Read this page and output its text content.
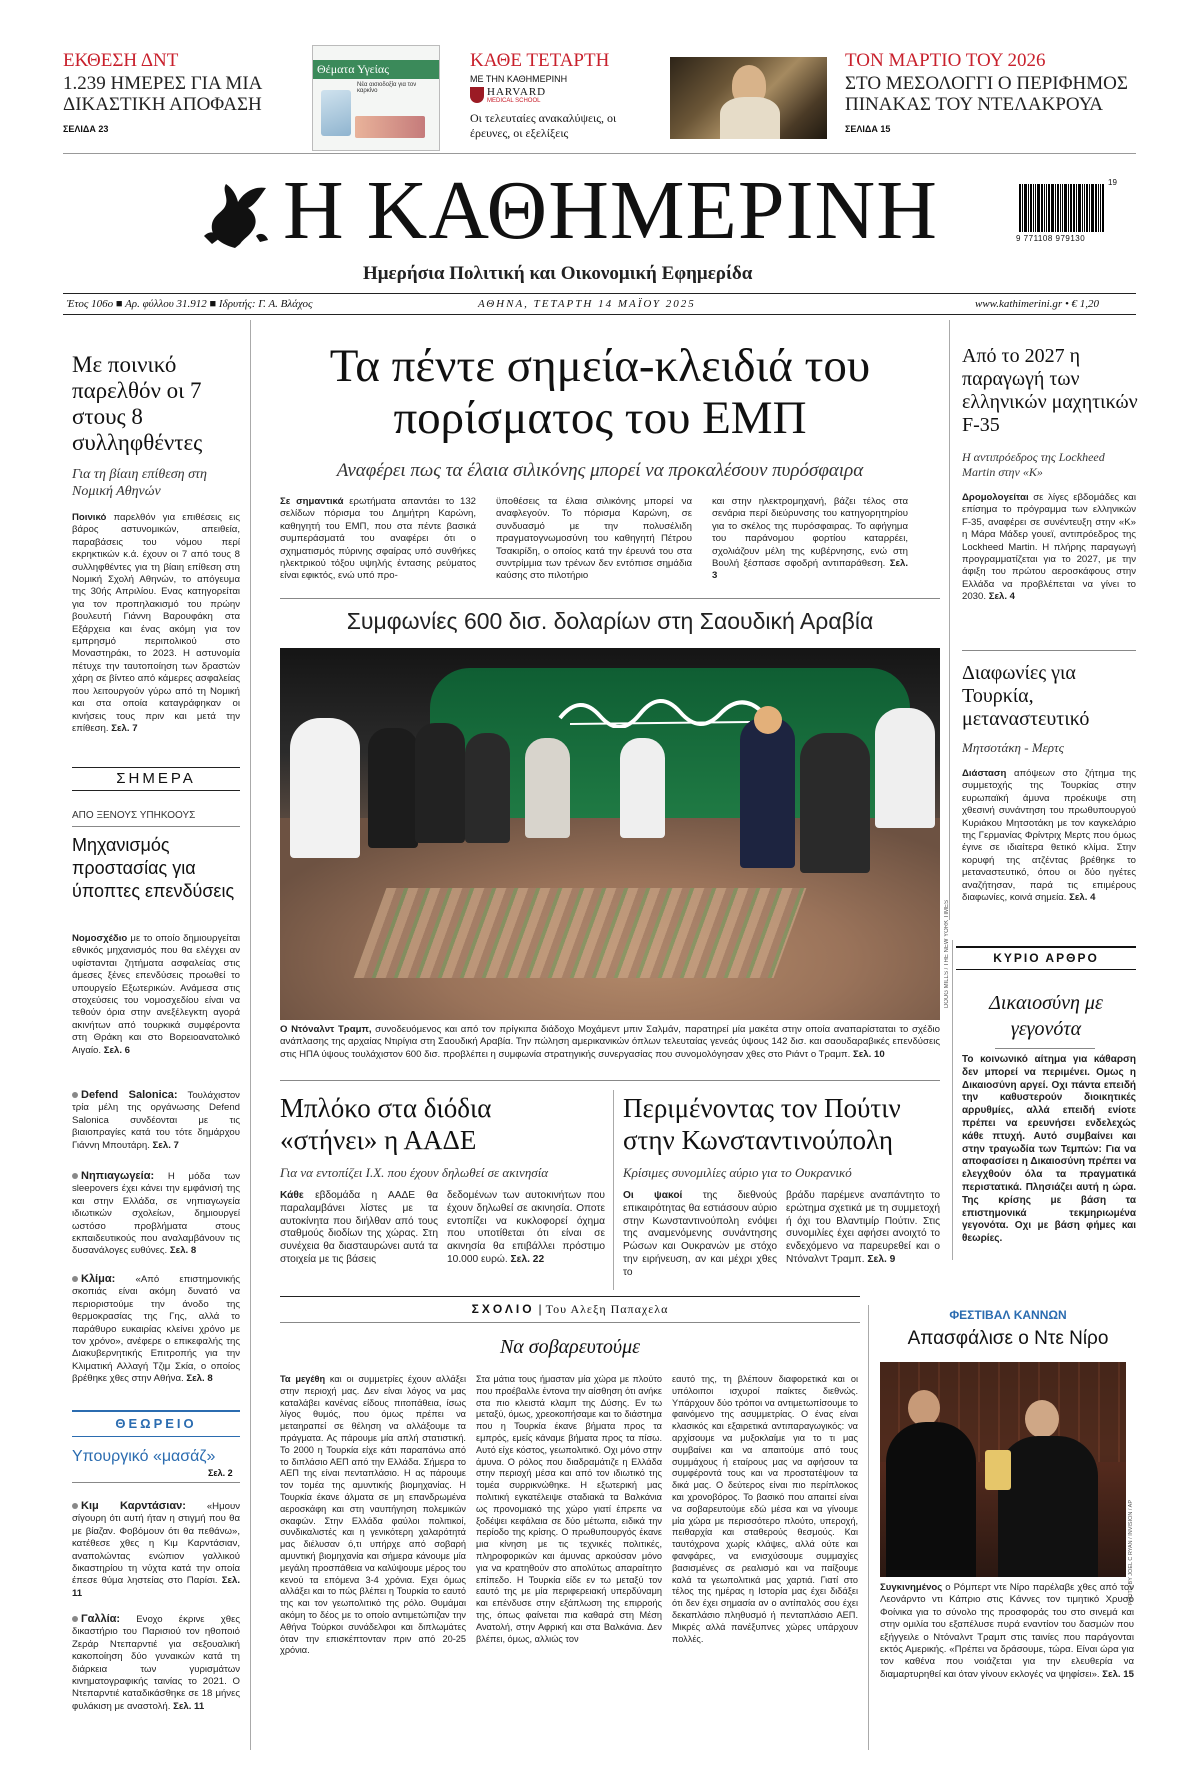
ΕΚΘΕΣΗ ΔΝΤ
1.239 ΗΜΕΡΕΣ ΓΙΑ ΜΙΑ ΔΙΚΑΣΤΙΚΗ ΑΠΟΦΑΣΗ
ΣΕΛΙΔΑ 23
Θέματα Υγείας
Νέα αισιοδοξία για τον καρκίνο
ΚΑΘΕ ΤΕΤΑΡΤΗ
ΜΕ ΤΗΝ ΚΑΘΗΜΕΡΙΝΗ
HARVARD
MEDICAL SCHOOL
Οι τελευταίες ανακαλύψεις, οι έρευνες, οι εξελίξεις
ΤΟΝ ΜΑΡΤΙΟ ΤΟΥ 2026
ΣΤΟ ΜΕΣΟΛΟΓΓΙ Ο ΠΕΡΙΦΗΜΟΣ ΠΙΝΑΚΑΣ ΤΟΥ ΝΤΕΛΑΚΡΟΥΑ
ΣΕΛΙΔΑ 15
Η ΚΑΘΗΜΕΡΙΝΗ
Ημερήσια Πολιτική και Οικονομική Εφημερίδα
19
9 771108 979130
Έτος 106ο ■ Αρ. φύλλου 31.912 ■ Ιδρυτής: Γ. Α. Βλάχος	ΑΘΗΝΑ, ΤΕΤΑΡΤΗ 14 ΜΑΪΟΥ 2025	www.kathimerini.gr • € 1,20
Με ποινικό παρελθόν οι 7 στους 8 συλληφθέντες
Για τη βίαιη επίθεση στη Νομική Αθηνών
Ποινικό παρελθόν για επιθέσεις εις βάρος αστυνομικών, απειθεία, παραβάσεις του νόμου περί εκρηκτικών κ.ά. έχουν οι 7 από τους 8 συλληφθέντες για τη βίαιη επίθεση στη Νομική Σχολή Αθηνών, το απόγευμα της 30ής Απριλίου. Ενας κατηγορείται για τον προπηλακισμό του πρώην βουλευτή Γιάννη Βαρουφάκη στα Εξάρχεια και ένας ακόμη για τον εμπρησμό περιπολικού στο Μοναστηράκι, το 2023. Η αστυνομία πέτυχε την ταυτοποίηση των δραστών χάρη σε βίντεο από κάμερες ασφαλείας που λειτουργούν γύρω από τη Νομική και στα οποία καταγράφηκαν οι κινήσεις τους πριν και μετά την επίθεση. Σελ. 7
ΣΗΜΕΡΑ
ΑΠΟ ΞΕΝΟΥΣ ΥΠΗΚΟΟΥΣ
Μηχανισμός προστασίας για ύποπτες επενδύσεις
Νομοσχέδιο με το οποίο δημιουργείται εθνικός μηχανισμός που θα ελέγχει αν υφίστανται ζητήματα ασφαλείας στις άμεσες ξένες επενδύσεις προωθεί το υπουργείο Εξωτερικών. Ανάμεσα στις στοχεύσεις του νομοσχεδίου είναι να τεθούν όρια στην ανεξέλεγκτη αγορά ακινήτων από τουρκικά συμφέροντα στη Θράκη και στο Βορειοανατολικό Αιγαίο. Σελ. 6
Defend Salonica: Τουλάχιστον τρία μέλη της οργάνωσης Defend Salonica συνδέονται με τις βιαιοπραγίες κατά του τότε δημάρχου Γιάννη Μπουτάρη. Σελ. 7
Νηπιαγωγεία: Η μόδα των sleepovers έχει κάνει την εμφάνισή της και στην Ελλάδα, σε νηπιαγωγεία ιδιωτικών σχολείων, δημιουργεί ωστόσο προβλήματα στους εκπαιδευτικούς που αναλαμβάνουν τις δυσανάλογες ευθύνες. Σελ. 8
Κλίμα: «Από επιστημονικής σκοπιάς είναι ακόμη δυνατό να περιοριστούμε την άνοδο της θερμοκρασίας της Γης, αλλά το παράθυρο ευκαιρίας κλείνει χρόνο με τον χρόνο», ανέφερε ο επικεφαλής της Διακυβερνητικής Επιτροπής για την Κλιματική Αλλαγή Τζιμ Σκία, ο οποίος βρέθηκε χθες στην Αθήνα. Σελ. 8
ΘΕΩΡΕΙΟ
Υπουργικό «μασάζ»
Σελ. 2
Κιμ Καρντάσιαν: «Ημουν σίγουρη ότι αυτή ήταν η στιγμή που θα με βίαζαν. Φοβόμουν ότι θα πεθάνω», κατέθεσε χθες η Κιμ Καρντάσιαν, αναπολώντας ενώπιον γαλλικού δικαστηρίου τη νύχτα κατά την οποία έπεσε θύμα ληστείας στο Παρίσι. Σελ. 11
Γαλλία: Ενοχο έκρινε χθες δικαστήριο του Παρισιού τον ηθοποιό Ζεράρ Ντεπαρντιέ για σεξουαλική κακοποίηση δύο γυναικών κατά τη διάρκεια των γυρισμάτων κινηματογραφικής ταινίας το 2021. Ο Ντεπαρντιέ καταδικάσθηκε σε 18 μήνες φυλάκιση με αναστολή. Σελ. 11
Τα πέντε σημεία-κλειδιά του πορίσματος του ΕΜΠ
Αναφέρει πως τα έλαια σιλικόνης μπορεί να προκαλέσουν πυρόσφαιρα
Σε σημαντικά ερωτήματα απαντάει το 132 σελίδων πόρισμα του Δημήτρη Καρώνη, καθηγητή του ΕΜΠ, που στα πέντε βασικά συμπεράσματά του αναφέρει ότι ο σχηματισμός πύρινης σφαίρας υπό συνθήκες ηλεκτρικού τόξου υψηλής έντασης ρεύματος είναι εφικτός, ενώ υπό προ-
ϋποθέσεις τα έλαια σιλικόνης μπορεί να αναφλεγούν. Το πόρισμα Καρώνη, σε συνδυασμό με την πολυσέλιδη πραγματογνωμοσύνη του καθηγητή Πέτρου Τσακιρίδη, ο οποίος κατά την έρευνά του στα συντρίμμια των τρένων δεν εντόπισε σημάδια καύσης στο πιλοτήριο
και στην ηλεκτρομηχανή, βάζει τέλος στα σενάρια περί διεύρυνσης του κατηγορητηρίου για το σκέλος της πυρόσφαιρας. Το αφήγημα του παράνομου φορτίου καταρρέει, σχολιάζουν μέλη της κυβέρνησης, ενώ στη Βουλή ξέσπασε σφοδρή αντιπαράθεση. Σελ. 3
Συμφωνίες 600 δισ. δολαρίων στη Σαουδική Αραβία
DOUG MILLS / THE NEW YORK TIMES
Ο Ντόναλντ Τραμπ, συνοδευόμενος και από τον πρίγκιπα διάδοχο Μοχάμεντ μπιν Σαλμάν, παρατηρεί μία μακέτα στην οποία αναπαρίσταται το σχέδιο ανάπλασης της αρχαίας Ντιρίγια στη Σαουδική Αραβία. Την πώληση αμερικανικών όπλων τελευταίας γενεάς ύψους 142 δισ. και σαουδαραβικές επενδύσεις στις ΗΠΑ ύψους τουλάχιστον 600 δισ. προβλέπει η συμφωνία στρατηγικής συνεργασίας που συνομολόγησαν χθες στο Ριάντ ο Τραμπ. Σελ. 10
Μπλόκο στα διόδια «στήνει» η ΑΑΔΕ
Για να εντοπίζει Ι.Χ. που έχουν δηλωθεί σε ακινησία
Κάθε εβδομάδα η ΑΑΔΕ θα παραλαμβάνει λίστες με τα αυτοκίνητα που διήλθαν από τους σταθμούς διοδίων της χώρας. Στη συνέχεια θα διασταυρώνει αυτά τα στοιχεία με τις βάσεις
δεδομένων των αυτοκινήτων που έχουν δηλωθεί σε ακινησία. Οποτε εντοπίζει να κυκλοφορεί όχημα που υποτίθεται ότι είναι σε ακινησία θα επιβάλλει πρόστιμο 10.000 ευρώ. Σελ. 22
Περιμένοντας τον Πούτιν στην Κωνσταντινούπολη
Κρίσιμες συνομιλίες αύριο για το Ουκρανικό
Οι ψακοί της διεθνούς επικαιρότητας θα εστιάσουν αύριο στην Κωνσταντινούπολη ενόψει της αναμενόμενης συνάντησης Ρώσων και Ουκρανών με στόχο την ειρήνευση, αν και μέχρι χθες το
βράδυ παρέμενε αναπάντητο το ερώτημα σχετικά με τη συμμετοχή ή όχι του Βλαντιμίρ Πούτιν. Στις συνομιλίες έχει αφήσει ανοιχτό το ενδεχόμενο να παρευρεθεί και ο Ντόναλντ Τραμπ. Σελ. 9
ΣΧΟΛΙΟ | Του Αλεξη Παπαχελα
Να σοβαρευτούμε
Τα μεγέθη και οι συμμετρίες έχουν αλλάξει στην περιοχή μας. Δεν είναι λόγος να μας καταλάβει κανένας είδους πιτοπάθεια, ίσως λίγος θυμός, που όμως πρέπει να μεταηραπεί σε θέληση να αλλάξουμε τα πράγματα. Ας πάρουμε μία απλή στατιστική. Το 2000 η Τουρκία είχε κάτι παραπάνω από το διπλάσιο ΑΕΠ από την Ελλάδα. Σήμερα το ΑΕΠ της είναι πενταπλάσιο. Η ας πάρουμε τον τομέα της αμυντικής βιομηχανίας. Η Τουρκία έκανε άλματα σε μη επανδρωμένα αεροσκάφη και στη ναυπήγηση πολεμικών σκαφών. Στην Ελλάδα φαύλοι πολιτικοί, συνδικαλιστές και η γενικότερη χαλαρότητά μας διέλυσαν ό,τι υπήρχε από σοβαρή αμυντική βιομηχανία και σήμερα κάνουμε μία μεγάλη προσπάθεια να καλύψουμε μέρος του κενού τα επόμενα 3-4 χρόνια. Εχει όμως αλλάξει και το πώς βλέπει η Τουρκία το εαυτό της και τον γεωπολιτικό της ρόλο. Θυμάμαι ακόμη το δέος με το οποίο αντιμετώπιζαν την Αθήνα Τούρκοι συνάδελφοι και διπλωμάτες όταν την επισκέπτονταν πριν από 20-25 χρόνια.
Στα μάτια τους ήμασταν μία χώρα με πλούτο που προέβαλλε έντονα την αίσθηση ότι ανήκε στα πιο κλειστά κλαμπ της Δύσης. Εν τω μεταξύ, όμως, χρεοκοπήσαμε και το διάστημα που η Τουρκία έκανε βήματα προς τα εμπρός, εμείς κάναμε βήματα προς τα πίσω. Αυτό είχε κόστος, γεωπολιτικό. Οχι μόνο στην άμυνα. Ο ρόλος που διαδραμάτιζε η Ελλάδα στην περιοχή μέσα και από τον ιδιωτικό της τομέα συρρικνώθηκε. Η εξωτερική μας πολιτική εγκατέλειψε σταδιακά τα Βαλκάνια ως προνομιακό της χώρο γιατί έπρεπε να ξοδέψει κεφάλαια σε δύο μέτωπα, ειδικά την περίοδο της κρίσης. Ο πρωθυπουργός έκανε μια κίνηση με τις τεχνικές πολιτικές, πληροφορικών και άμυνας αρκούσαν μόνο για να κρατηθούν στο απολύτως απαραίτητο επίπεδο. Η Τουρκία είδε εν τω μεταξύ τον εαυτό της με μία περιφερειακή υπερδύναμη και επένδυσε στην εξάπλωση της επιρροής της, όπως φαίνεται πια καθαρά στη Μέση Ανατολή, στην Αφρική και στα Βαλκάνια. Δεν βλέπει, όμως, αλλιώς τον
εαυτό της, τη βλέπουν διαφορετικά και οι υπόλοιποι ισχυροί παίκτες διεθνώς. Υπάρχουν δύο τρόποι να αντιμετωπίσουμε το φαινόμενο της ασυμμετρίας. Ο ένας είναι κλασικός και εξαιρετικά αντιπαραγωγικός: να αρχίσουμε να μυξοκλαίμε για το τι μας συμβαίνει και να απαιτούμε από τους συμμάχους ή εταίρους μας να αφήσουν τα συμφέροντά τους και να προστατέψουν τα δικά μας. Ο δεύτερος είναι πιο περίπλοκος και χρονοβόρος. Το βασικό που απαιτεί είναι να σοβαρευτούμε εδώ μέσα και να γίνουμε μία χώρα με περισσότερο πλούτο, υπεροχή, πειθαρχία και σταθερούς θεσμούς. Και ταυτόχρονα χωρίς κλάψες, αλλά ούτε και φανφάρες, να ενισχύσουμε συμμαχίες βασισμένες σε ρεαλισμό και να παίξουμε καλά τα γεωπολιτικά μας χαρτιά. Γιατί στο τέλος της ημέρας η Ιστορία μας έχει διδάξει ότι δεν έχει σημασία αν ο αντίπαλός σου έχει δεκαπλάσιο πληθυσμό ή πενταπλάσιο ΑΕΠ. Μικρές αλλά πανέξυπνες χώρες υπάρχουν πολλές.
Από το 2027 η παραγωγή των ελληνικών μαχητικών F-35
Η αντιπρόεδρος της Lockheed Martin στην «Κ»
Δρομολογείται σε λίγες εβδομάδες και επίσημα το πρόγραμμα των ελληνικών F-35, αναφέρει σε συνέντευξη στην «Κ» η Μάρα Μάδερ γουεϊ, αντιπρόεδρος της Lockheed Martin. Η πλήρης παραγωγή προγραμματίζεται για το 2027, με την άφιξη του πρώτου αεροσκάφους στην Ελλάδα να προβλέπεται να γίνει το 2030. Σελ. 4
Διαφωνίες για Τουρκία, μεταναστευτικό
Μητσοτάκη - Μερτς
Διάσταση απόψεων στο ζήτημα της συμμετοχής της Τουρκίας στην ευρωπαϊκή άμυνα προέκυψε στη χθεσινή συνάντηση του πρωθυπουργού Κυριάκου Μητσοτάκη με τον καγκελάριο της Γερμανίας Φρίντριχ Μερτς που όμως έγινε σε ιδιαίτερα θετικό κλίμα. Στην κορυφή της ατζέντας βρέθηκε το μεταναστευτικό, όπου οι δύο ηγέτες αναζήτησαν, παρά τις επιμέρους διαφωνίες, κοινά σημεία. Σελ. 4
ΚΥΡΙΟ ΑΡΘΡΟ
Δικαιοσύνη με γεγονότα
Το κοινωνικό αίτημα για κάθαρση δεν μπορεί να περιμένει. Ομως η Δικαιοσύνη αργεί. Οχι πάντα επειδή την καθυστερούν διοικητικές αρρυθμίες, αλλά επειδή ενίοτε πρέπει να ερευνήσει ενδελεχώς κάθε πτυχή. Αυτό συμβαίνει και στην τραγωδία των Τεμπών: Για να αποφασίσει η Δικαιοσύνη πρέπει να ελεγχθούν όλα τα πραγματικά περιστατικά. Πλησιάζει αυτή η ώρα. Της κρίσης με βάση τα επιστημονικά τεκμηριωμένα γεγονότα. Οχι με βάση φήμες και θεωρίες.
ΦΕΣΤΙΒΑΛ ΚΑΝΝΩΝ
Απασφάλισε ο Ντε Νίρο
PHOTO BY JOEL C RYAN / INVISION / AP
Συγκινημένος ο Ρόμπερτ ντε Νίρο παρέλαβε χθες από τον Λεονάρντο ντι Κάπριο στις Κάννες τον τιμητικό Χρυσό Φοίνικα για το σύνολο της προσφοράς του στο σινεμά και στην ομιλία του εξαπέλυσε πυρά εναντίον του δασμών που εξήγγειλε ο Ντόναλντ Τραμπ στις ταινίες που παράγονται εκτός Αμερικής. «Πρέπει να δράσουμε, τώρα. Είναι ώρα για τον καθένα που νοιάζεται για την ελευθερία να διαμαρτυρηθεί και όταν γίνουν εκλογές να ψηφίσει». Σελ. 15
